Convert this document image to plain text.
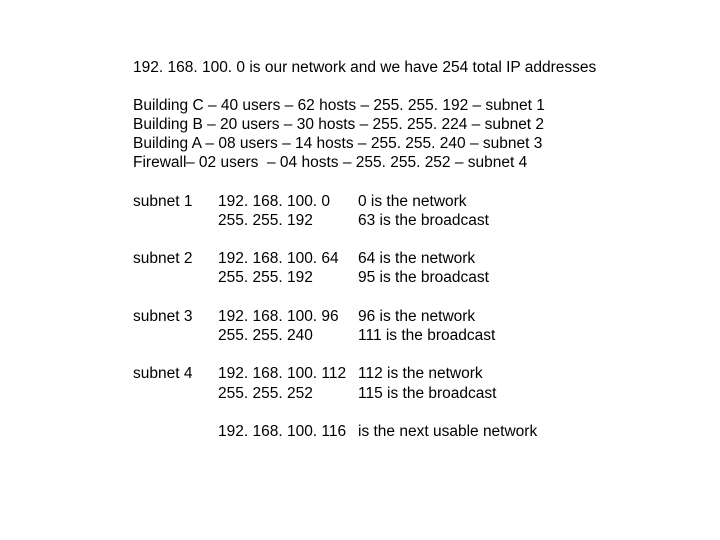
192. 168. 100. 0 is our network and we have 254 total IP addresses
Building C – 40 users – 62 hosts – 255. 255. 192 – subnet 1
Building B – 20 users – 30 hosts – 255. 255. 224 – subnet 2
Building A – 08 users – 14 hosts – 255. 255. 240 – subnet 3
Firewall – 02 users  – 04 hosts – 255. 255. 252 – subnet 4
subnet 1 192. 168. 100. 0
255. 255. 192
0 is the network
63 is the broadcast
subnet 2 192. 168. 100. 64
255. 255. 192
64 is the network
95 is the broadcast
subnet 3 192. 168. 100. 96
255. 255. 240
96 is the network
111 is the broadcast
subnet 4 192. 168. 100. 112
255. 255. 252
112 is the network
115 is the broadcast
192. 168. 100. 116 is the next usable network
